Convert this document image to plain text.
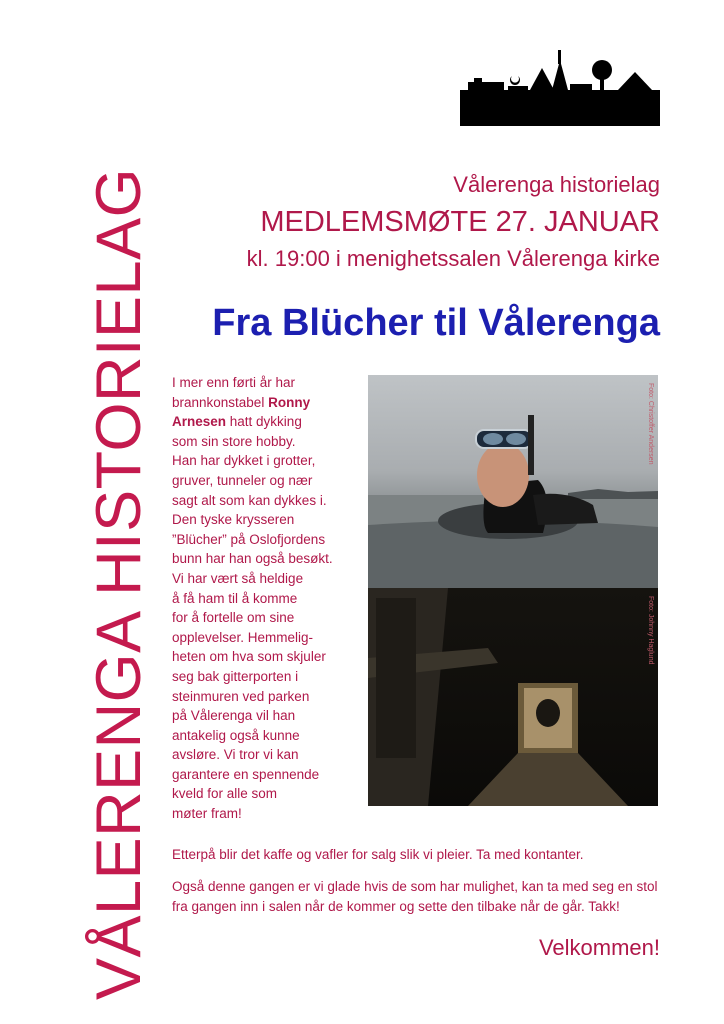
VÅLERENGA HISTORIELAG	Vålerenga historielag
MEDLEMSMØTE 27. JANUAR
kl. 19:00 i menighetssalen Vålerenga kirke
Fra Blücher til Vålerenga
I mer enn førti år har
brannkonstabel Ronny
Arnesen hatt dykking
som sin store hobby.
Han har dykket i grotter,
gruver, tunneler og nær
sagt alt som kan dykkes i.
Den tyske krysseren
”Blücher” på Oslofjordens
bunn har han også besøkt.
Vi har vært så heldige
å få ham til å komme
for å fortelle om sine
opplevelser. Hemmelig-
heten om hva som skjuler
seg bak gitterporten i
steinmuren ved parken
på Vålerenga vil han
antakelig også kunne
avsløre. Vi tror vi kan
garantere en spennende
kveld for alle som
møter fram!
Foto: Christoffer Andersen
Foto: Johnny Haglund
Etterpå blir det kaffe og vafler for salg slik vi pleier. Ta med kontanter.
Også denne gangen er vi glade hvis de som har mulighet, kan ta med seg en stol fra gangen inn i salen når de kommer og sette den tilbake når de går. Takk!
Velkommen!
